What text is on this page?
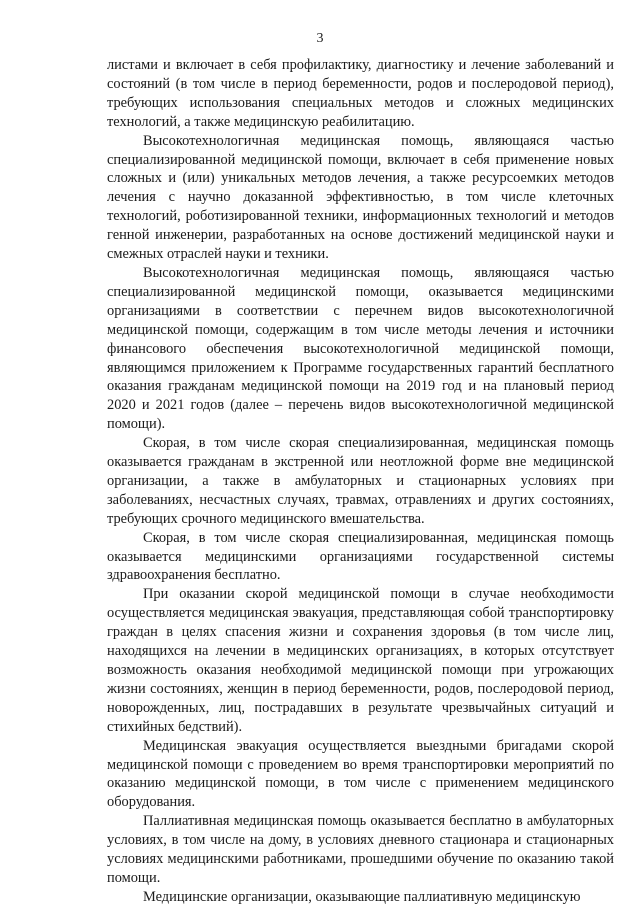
3

листами и включает в себя профилактику, диагностику и лечение заболеваний и состояний (в том числе в период беременности, родов и послеродовой период), требующих использования специальных методов и сложных медицинских технологий, а также медицинскую реабилитацию.

Высокотехнологичная медицинская помощь, являющаяся частью специализированной медицинской помощи, включает в себя применение новых сложных и (или) уникальных методов лечения, а также ресурсоемких методов лечения с научно доказанной эффективностью, в том числе клеточных технологий, роботизированной техники, информационных технологий и методов генной инженерии, разработанных на основе достижений медицинской науки и смежных отраслей науки и техники.

Высокотехнологичная медицинская помощь, являющаяся частью специализированной медицинской помощи, оказывается медицинскими организациями в соответствии с перечнем видов высокотехнологичной медицинской помощи, содержащим в том числе методы лечения и источники финансового обеспечения высокотехнологичной медицинской помощи, являющимся приложением к Программе государственных гарантий бесплатного оказания гражданам медицинской помощи на 2019 год и на плановый период 2020 и 2021 годов (далее – перечень видов высокотехнологичной медицинской помощи).

Скорая, в том числе скорая специализированная, медицинская помощь оказывается гражданам в экстренной или неотложной форме вне медицинской организации, а также в амбулаторных и стационарных условиях при заболеваниях, несчастных случаях, травмах, отравлениях и других состояниях, требующих срочного медицинского вмешательства.

Скорая, в том числе скорая специализированная, медицинская помощь оказывается медицинскими организациями государственной системы здравоохранения бесплатно.

При оказании скорой медицинской помощи в случае необходимости осуществляется медицинская эвакуация, представляющая собой транспортировку граждан в целях спасения жизни и сохранения здоровья (в том числе лиц, находящихся на лечении в медицинских организациях, в которых отсутствует возможность оказания необходимой медицинской помощи при угрожающих жизни состояниях, женщин в период беременности, родов, послеродовой период, новорожденных, лиц, пострадавших в результате чрезвычайных ситуаций и стихийных бедствий).

Медицинская эвакуация осуществляется выездными бригадами скорой медицинской помощи с проведением во время транспортировки мероприятий по оказанию медицинской помощи, в том числе с применением медицинского оборудования.

Паллиативная медицинская помощь оказывается бесплатно в амбулаторных условиях, в том числе на дому, в условиях дневного стационара и стационарных условиях медицинскими работниками, прошедшими обучение по оказанию такой помощи.

Медицинские организации, оказывающие паллиативную медицинскую
